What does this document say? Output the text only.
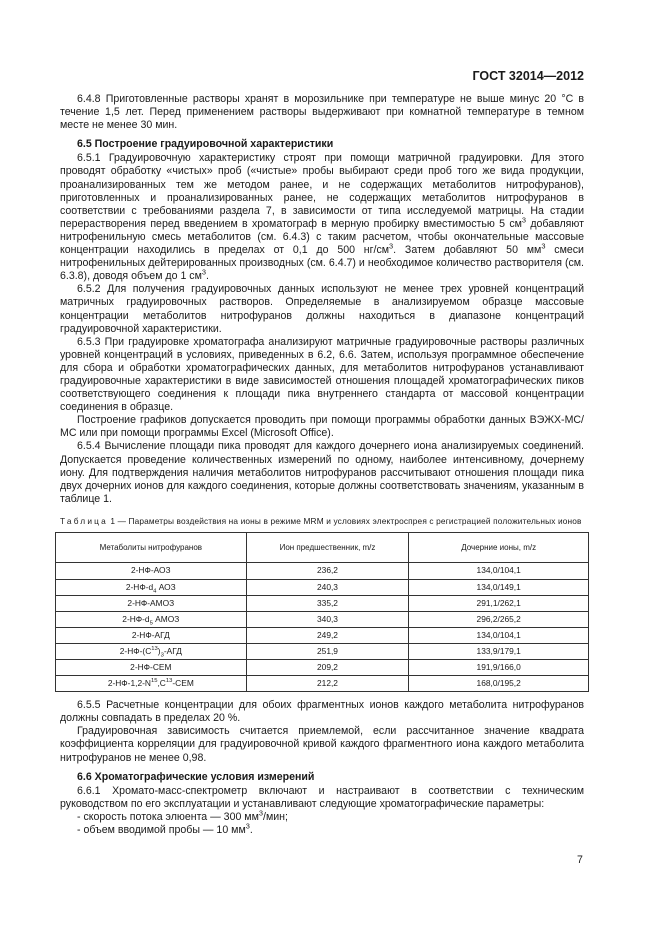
ГОСТ 32014—2012

6.4.8 Приготовленные растворы хранят в морозильнике при температуре не выше минус 20 °С в течение 1,5 лет. Перед применением растворы выдерживают при комнатной температуре в темном месте не менее 30 мин.

6.5 Построение градуировочной характеристики

6.5.1 Градуировочную характеристику строят при помощи матричной градуировки. Для этого проводят обработку «чистых» проб («чистые» пробы выбирают среди проб того же вида продукции, проанализированных тем же методом ранее, и не содержащих метаболитов нитрофуранов), приготовленных и проанализированных ранее, не содержащих метаболитов нитрофуранов в соответствии с требованиями раздела 7, в зависимости от типа исследуемой матрицы. На стадии перерастворения перед введением в хроматограф в мерную пробирку вместимостью 5 $см^3$ добавляют нитрофенильную смесь метаболитов (см. 6.4.3) с таким расчетом, чтобы окончательные массовые концентрации находились в пределах от 0,1 до 500 $нг/см^3$. Затем добавляют 50 $мм^3$ смеси нитрофенильных дейтерированных производных (см. 6.4.7) и необходимое количество растворителя (см. 6.3.8), доводя объем до 1 $см^3$.

6.5.2 Для получения градуировочных данных используют не менее трех уровней концентраций матричных градуировочных растворов. Определяемые в анализируемом образце массовые концентрации метаболитов нитрофуранов должны находиться в диапазоне концентраций градуировочной характеристики.

6.5.3 При градуировке хроматографа анализируют матричные градуировочные растворы различных уровней концентраций в условиях, приведенных в 6.2, 6.6. Затем, используя программное обеспечение для сбора и обработки хроматографических данных, для метаболитов нитрофуранов устанавливают градуировочные характеристики в виде зависимостей отношения площадей хроматографических пиков соответствующего соединения к площади пика внутреннего стандарта от массовой концентрации соединения в образце.

Построение графиков допускается проводить при помощи программы обработки данных ВЭЖХ-МС/МС или при помощи программы Excel (Microsoft Office).

6.5.4 Вычисление площади пика проводят для каждого дочернего иона анализируемых соединений. Допускается проведение количественных измерений по одному, наиболее интенсивному, дочернему иону. Для подтверждения наличия метаболитов нитрофуранов рассчитывают отношения площади пика двух дочерних ионов для каждого соединения, которые должны соответствовать значениям, указанным в таблице 1.

Таблица 1 — Параметры воздействия на ионы в режиме MRM и условиях электроспрея с регистрацией положительных ионов

Метаболиты нитрофуранов	Ион предшественник, m/z	Дочерние ионы, m/z
2-НФ-АОЗ	236,2	134,0/104,1
$2-НФ-d_4$ АОЗ	240,3	134,0/149,1
2-НФ-АМОЗ	335,2	291,1/262,1
$2-НФ-d_5$ АМОЗ	340,3	296,2/265,2
2-НФ-АГД	249,2	134,0/104,1
$2-НФ-(C^{13})_3$-АГД	251,9	133,9/179,1
2-НФ-СЕМ	209,2	191,9/166,0
$2-НФ-1,2-N^{15},C^{13}$-СЕМ	212,2	168,0/195,2

6.5.5 Расчетные концентрации для обоих фрагментных ионов каждого метаболита нитрофуранов должны совпадать в пределах 20 %.

Градуировочная зависимость считается приемлемой, если рассчитанное значение квадрата коэффициента корреляции для градуировочной кривой каждого фрагментного иона каждого метаболита нитрофуранов не менее 0,98.

6.6 Хроматографические условия измерений

6.6.1 Хромато-масс-спектрометр включают и настраивают в соответствии с техническим руководством по его эксплуатации и устанавливают следующие хроматографические параметры:

- скорость потока элюента — 300 $мм^3$/мин;

- объем вводимой пробы — 10 $мм^3$.

7
